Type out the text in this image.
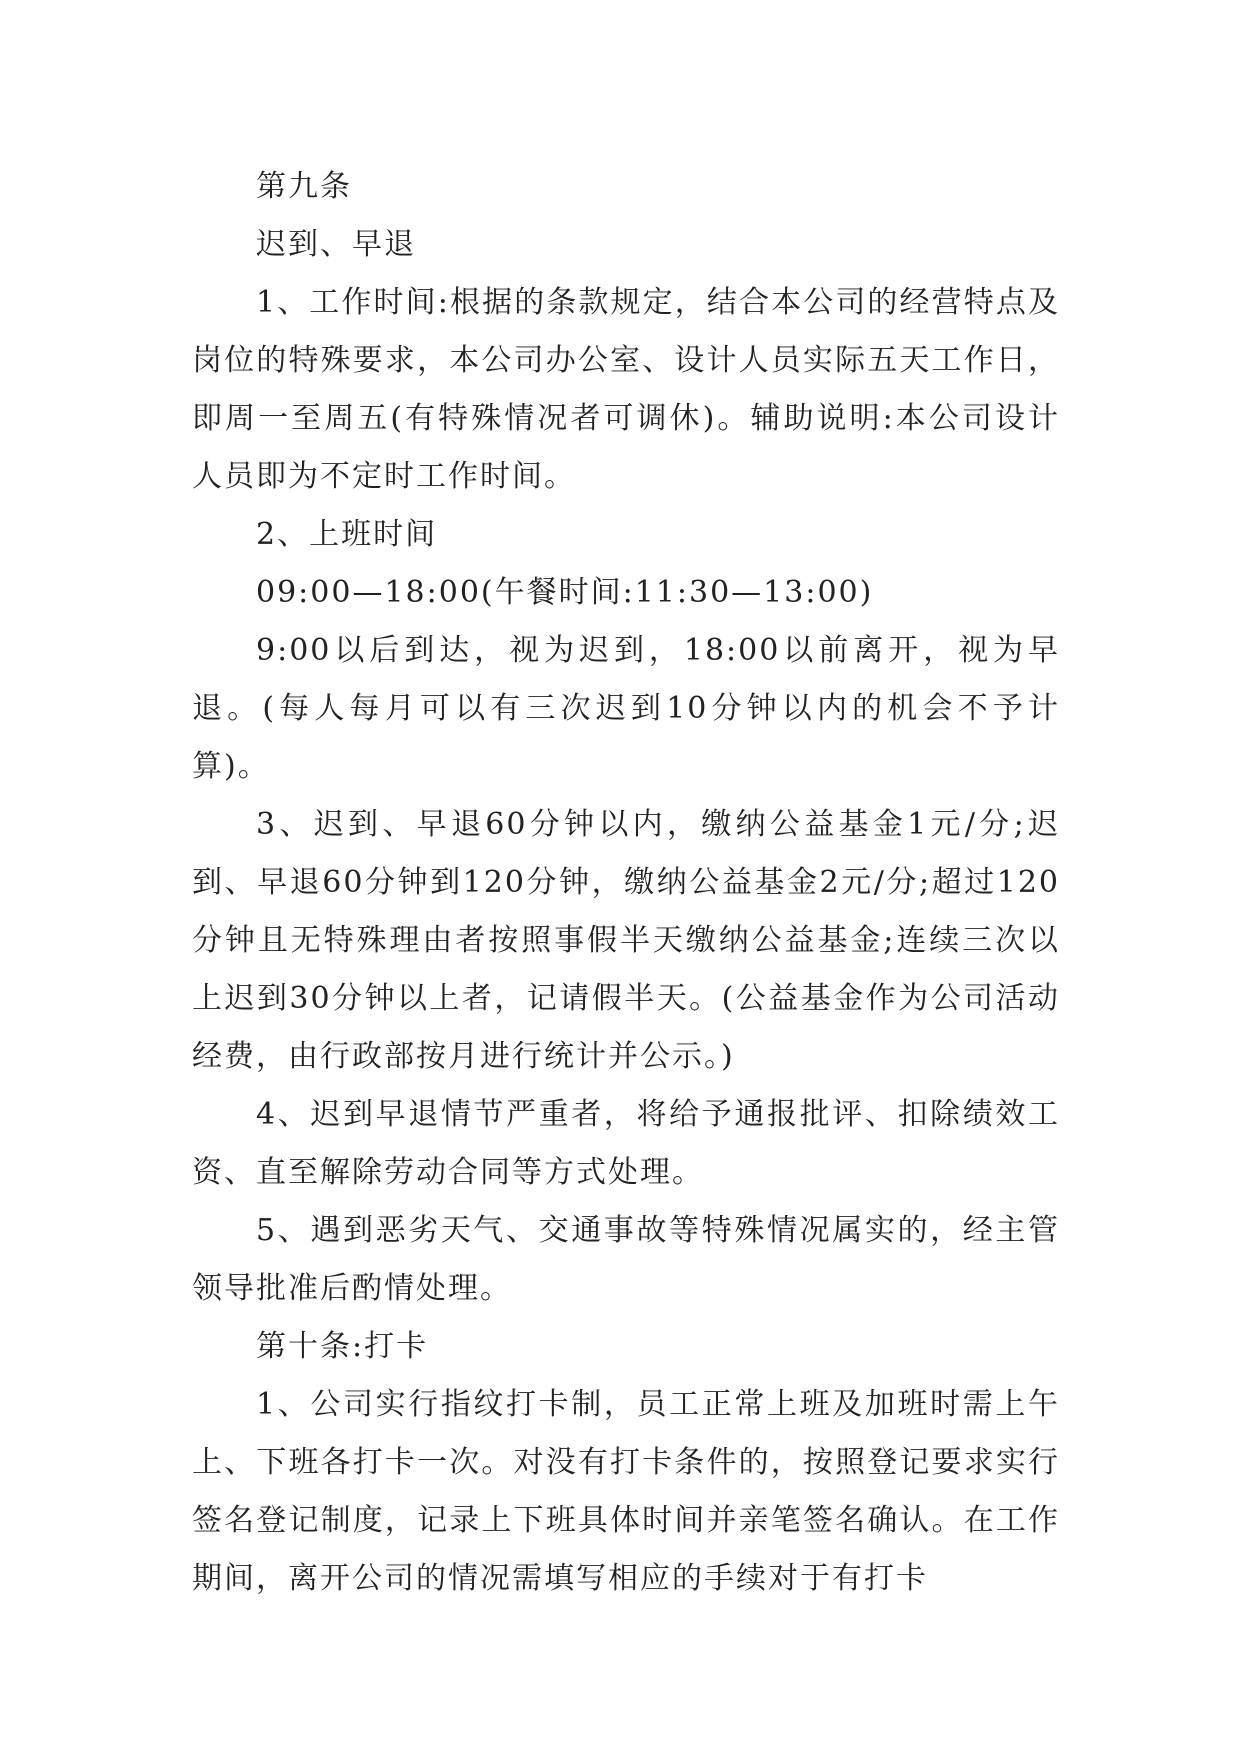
第九条

迟到、早退

1、工作时间:根据的条款规定，结合本公司的经营特点及岗位的特殊要求，本公司办公室、设计人员实际五天工作日，即周一至周五(有特殊情况者可调休)。辅助说明:本公司设计人员即为不定时工作时间。

2、上班时间

09:00—18:00(午餐时间:11:30—13:00)

9:00以后到达，视为迟到，18:00以前离开，视为早退。(每人每月可以有三次迟到10分钟以内的机会不予计算)。

3、迟到、早退60分钟以内，缴纳公益基金1元/分;迟到、早退60分钟到120分钟，缴纳公益基金2元/分;超过120分钟且无特殊理由者按照事假半天缴纳公益基金;连续三次以上迟到30分钟以上者，记请假半天。(公益基金作为公司活动经费，由行政部按月进行统计并公示。)

4、迟到早退情节严重者，将给予通报批评、扣除绩效工资、直至解除劳动合同等方式处理。

5、遇到恶劣天气、交通事故等特殊情况属实的，经主管领导批准后酌情处理。

第十条:打卡

1、公司实行指纹打卡制，员工正常上班及加班时需上午上、下班各打卡一次。对没有打卡条件的，按照登记要求实行签名登记制度，记录上下班具体时间并亲笔签名确认。在工作期间，离开公司的情况需填写相应的手续对于有打卡
